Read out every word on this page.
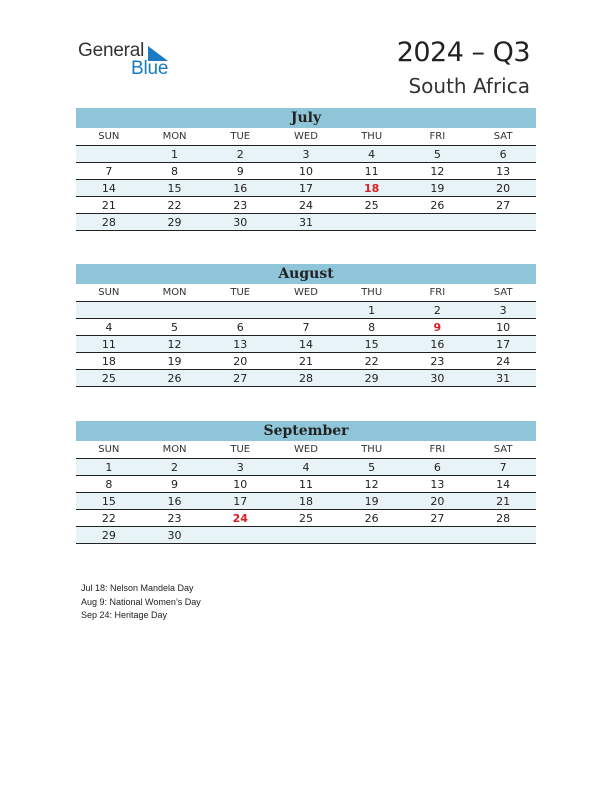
General
Blue
2024 – Q3
South Africa
July
SUN	MON	TUE	WED	THU	FRI	SAT
	1	2	3	4	5	6
7	8	9	10	11	12	13
14	15	16	17	18	19	20
21	22	23	24	25	26	27
28	29	30	31			
August
SUN	MON	TUE	WED	THU	FRI	SAT
				1	2	3
4	5	6	7	8	9	10
11	12	13	14	15	16	17
18	19	20	21	22	23	24
25	26	27	28	29	30	31
September
SUN	MON	TUE	WED	THU	FRI	SAT
1	2	3	4	5	6	7
8	9	10	11	12	13	14
15	16	17	18	19	20	21
22	23	24	25	26	27	28
29	30					
Jul 18: Nelson Mandela Day
Aug 9: National Women’s Day
Sep 24: Heritage Day
